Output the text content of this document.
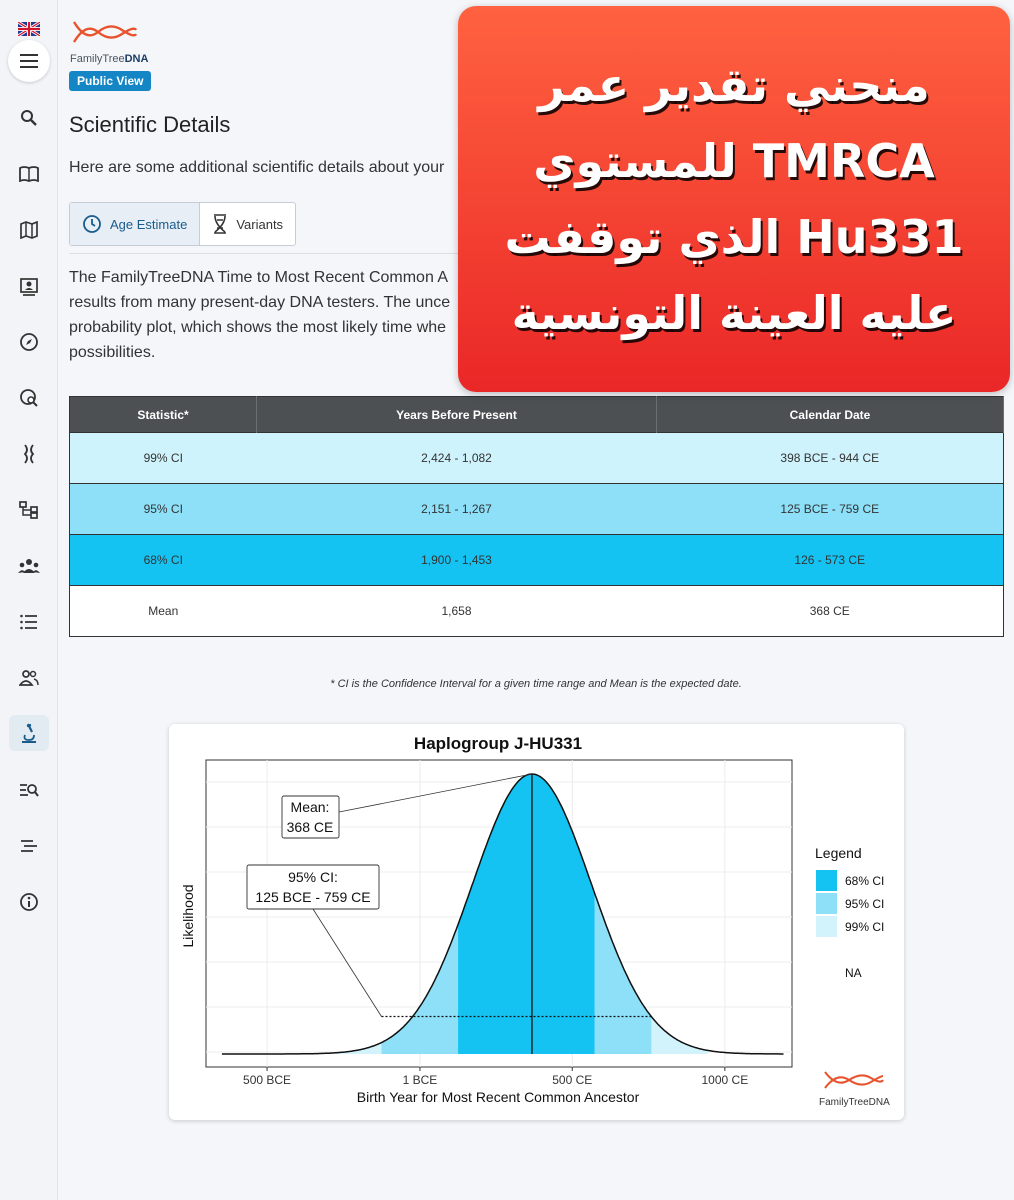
FamilyTreeDNA
Public View
Scientific Details
Here are some additional scientific details about your
Age Estimate	Variants
The FamilyTreeDNA Time to Most Recent Common A
results from many present-day DNA testers. The unce
probability plot, which shows the most likely time whe
possibilities.
Statistic*	Years Before Present	Calendar Date
99% CI	2,424 - 1,082	398 BCE - 944 CE
95% CI	2,151 - 1,267	125 BCE - 759 CE
68% CI	1,900 - 1,453	126 - 573 CE
Mean	1,658	368 CE
* CI is the Confidence Interval for a given time range and Mean is the expected date.
Haplogroup J-HU331
Mean:
368 CE
95% CI:
125 BCE - 759 CE
500 BCE	1 BCE	500 CE	1000 CE
Birth Year for Most Recent Common Ancestor
Likelihood
Legend
68% CI
95% CI
99% CI
NA
FamilyTreeDNA
منحني تقدير عمر
TMRCA للمستوي
Hu331 الذي توقفت
عليه العينة التونسية
